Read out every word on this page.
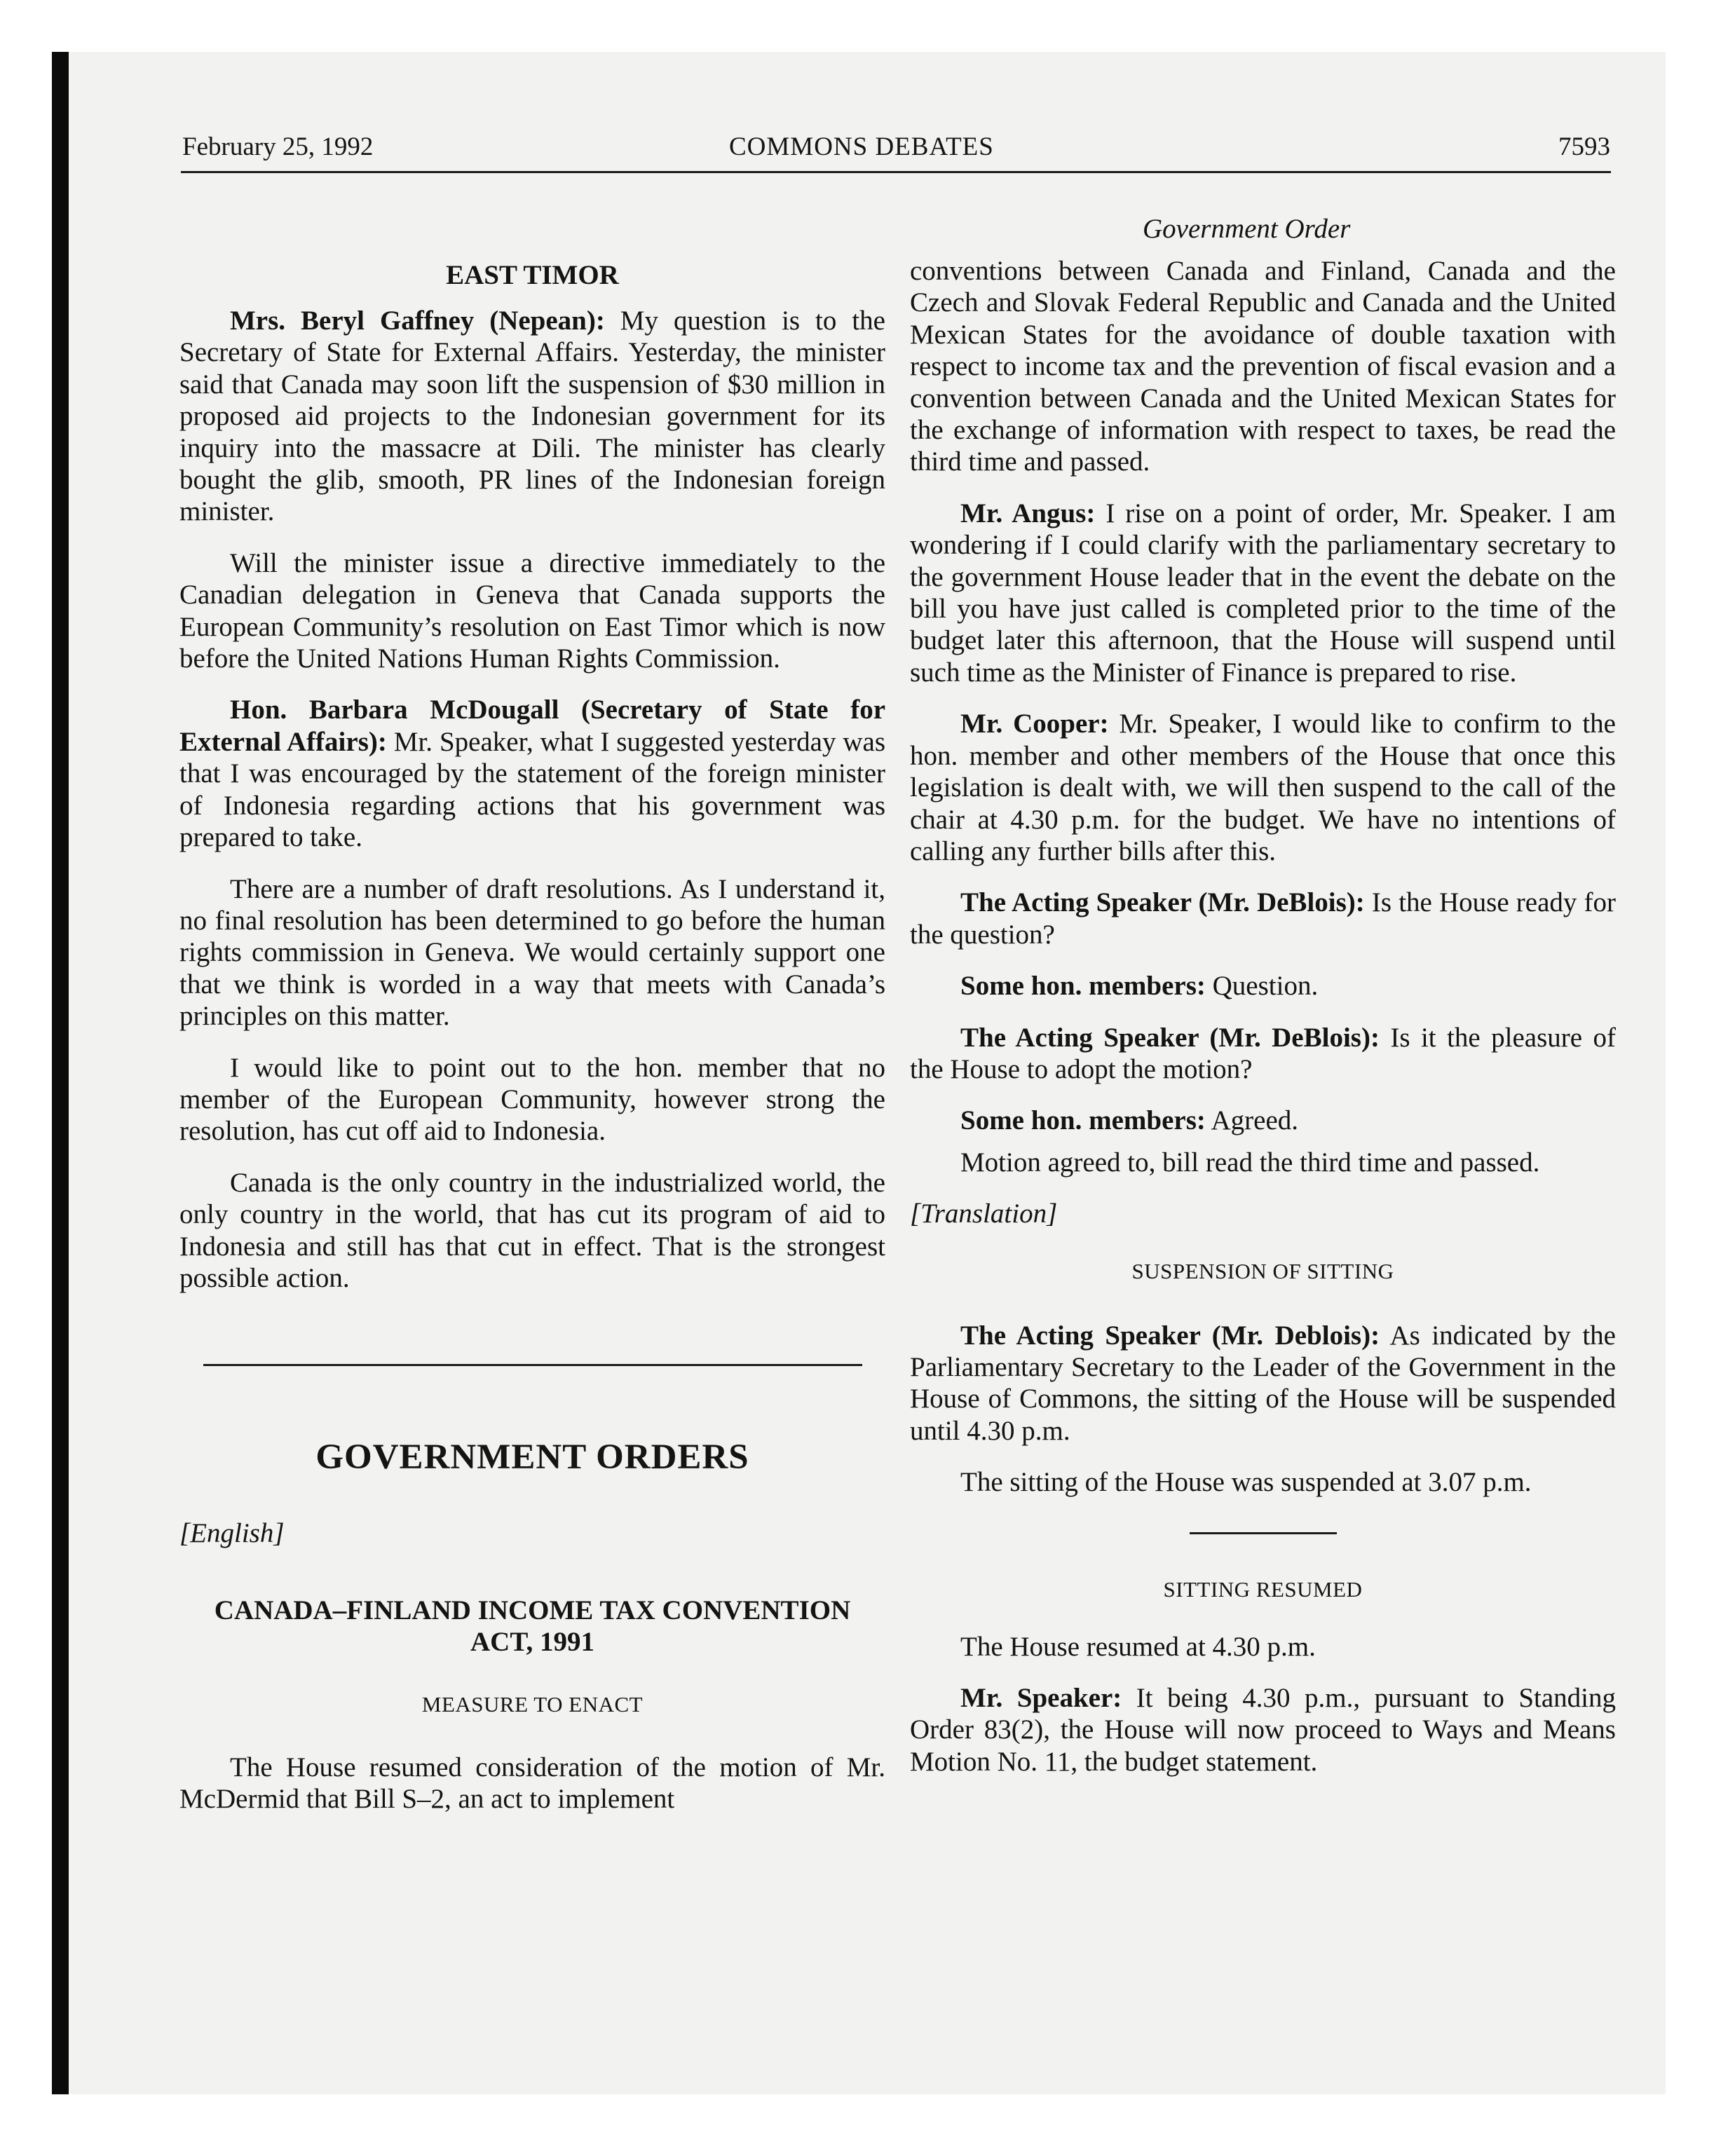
February 25, 1992	COMMONS DEBATES	7593
Government Order
EAST TIMOR

Mrs. Beryl Gaffney (Nepean): My question is to the Secretary of State for External Affairs. Yesterday, the minister said that Canada may soon lift the suspension of $30 million in proposed aid projects to the Indonesian government for its inquiry into the massacre at Dili. The minister has clearly bought the glib, smooth, PR lines of the Indonesian foreign minister.

Will the minister issue a directive immediately to the Canadian delegation in Geneva that Canada supports the European Community’s resolution on East Timor which is now before the United Nations Human Rights Commission.

Hon. Barbara McDougall (Secretary of State for External Affairs): Mr. Speaker, what I suggested yesterday was that I was encouraged by the statement of the foreign minister of Indonesia regarding actions that his government was prepared to take.

There are a number of draft resolutions. As I understand it, no final resolution has been determined to go before the human rights commission in Geneva. We would certainly support one that we think is worded in a way that meets with Canada’s principles on this matter.

I would like to point out to the hon. member that no member of the European Community, however strong the resolution, has cut off aid to Indonesia.

Canada is the only country in the industrialized world, the only country in the world, that has cut its program of aid to Indonesia and still has that cut in effect. That is the strongest possible action.

GOVERNMENT ORDERS
[English]
CANADA–FINLAND INCOME TAX CONVENTION ACT, 1991
MEASURE TO ENACT

The House resumed consideration of the motion of Mr. McDermid that Bill S–2, an act to implement

conventions between Canada and Finland, Canada and the Czech and Slovak Federal Republic and Canada and the United Mexican States for the avoidance of double taxation with respect to income tax and the prevention of fiscal evasion and a convention between Canada and the United Mexican States for the exchange of information with respect to taxes, be read the third time and passed.

Mr. Angus: I rise on a point of order, Mr. Speaker. I am wondering if I could clarify with the parliamentary secretary to the government House leader that in the event the debate on the bill you have just called is completed prior to the time of the budget later this afternoon, that the House will suspend until such time as the Minister of Finance is prepared to rise.

Mr. Cooper: Mr. Speaker, I would like to confirm to the hon. member and other members of the House that once this legislation is dealt with, we will then suspend to the call of the chair at 4.30 p.m. for the budget. We have no intentions of calling any further bills after this.

The Acting Speaker (Mr. DeBlois): Is the House ready for the question?

Some hon. members: Question.

The Acting Speaker (Mr. DeBlois): Is it the pleasure of the House to adopt the motion?

Some hon. members: Agreed.

Motion agreed to, bill read the third time and passed.

[Translation]
SUSPENSION OF SITTING

The Acting Speaker (Mr. Deblois): As indicated by the Parliamentary Secretary to the Leader of the Government in the House of Commons, the sitting of the House will be suspended until 4.30 p.m.

The sitting of the House was suspended at 3.07 p.m.

SITTING RESUMED

The House resumed at 4.30 p.m.

Mr. Speaker: It being 4.30 p.m., pursuant to Standing Order 83(2), the House will now proceed to Ways and Means Motion No. 11, the budget statement.
